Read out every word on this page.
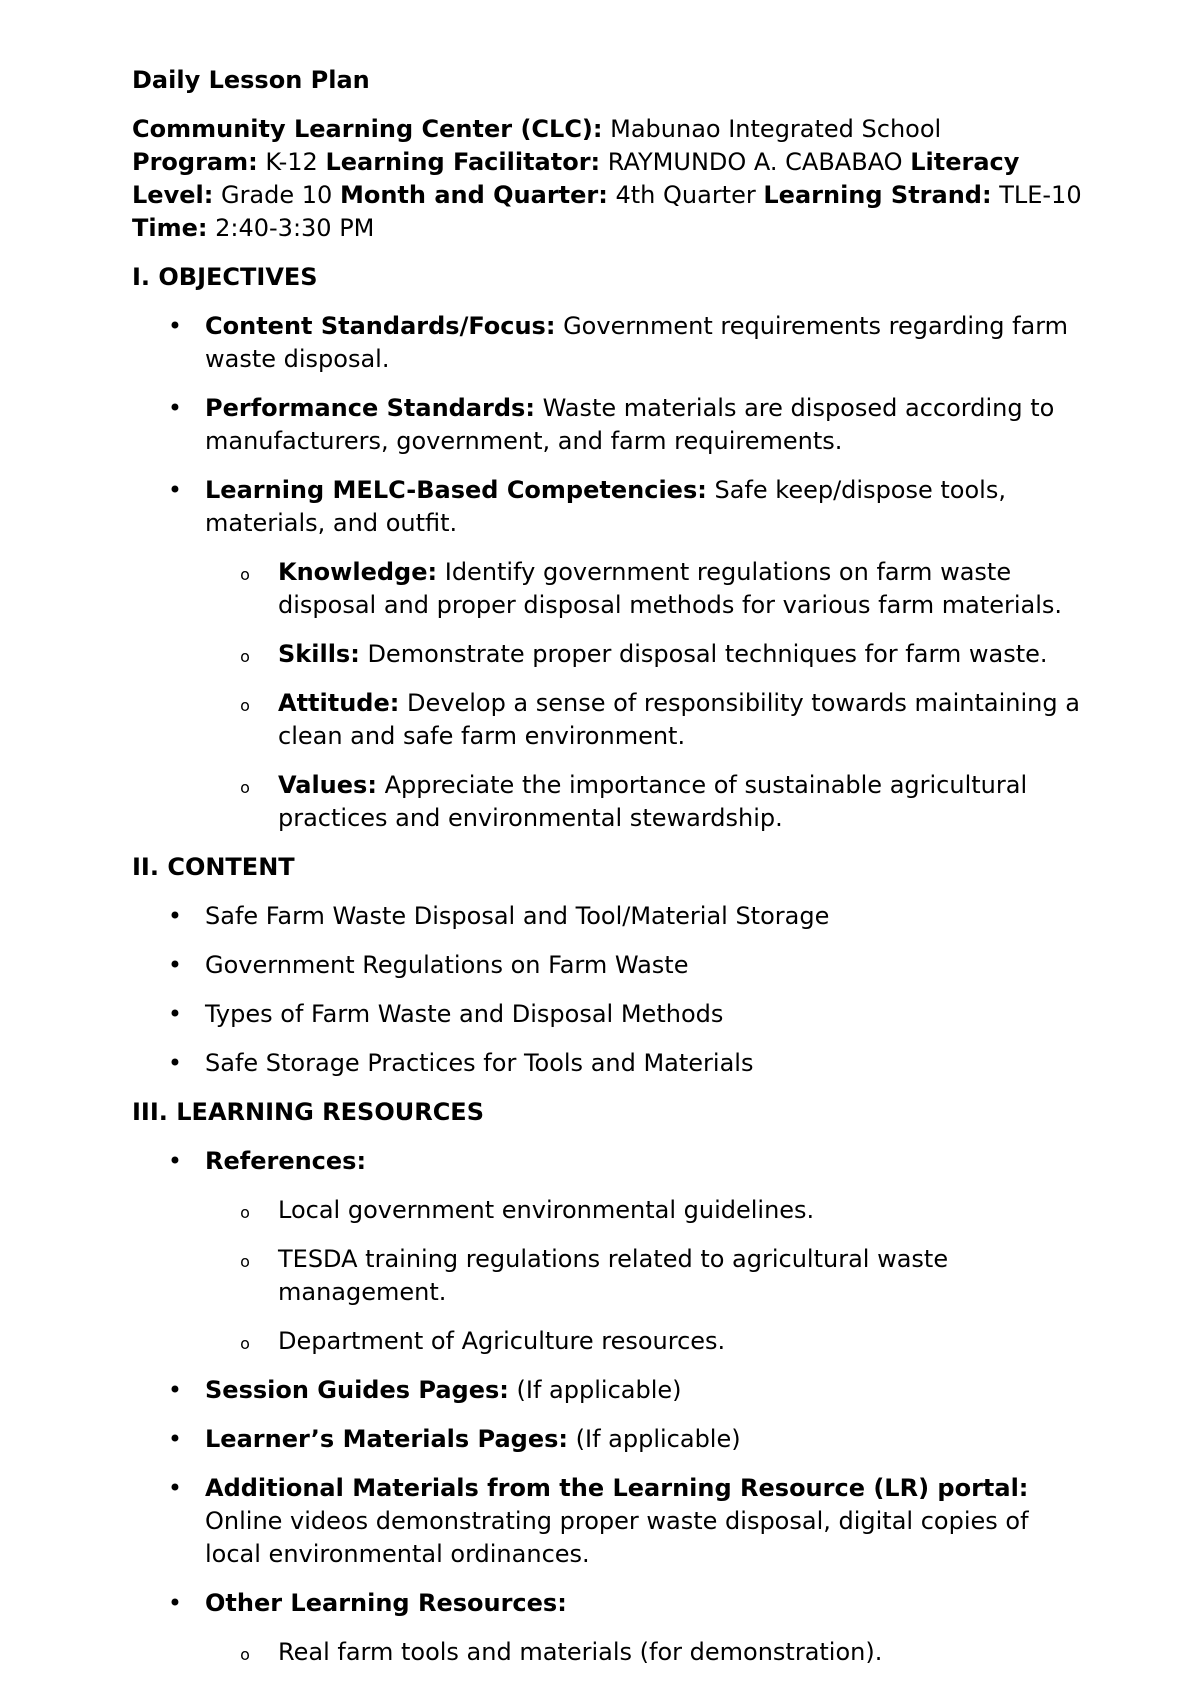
Daily Lesson Plan
Community Learning Center (CLC): Mabunao Integrated School
Program: K-12 Learning Facilitator: RAYMUNDO A. CABABAO Literacy Level: Grade 10 Month and Quarter: 4th Quarter Learning Strand: TLE-10 Time: 2:40-3:30 PM
I. OBJECTIVES
• Content Standards/Focus: Government requirements regarding farm waste disposal.
• Performance Standards: Waste materials are disposed according to manufacturers, government, and farm requirements.
• Learning MELC-Based Competencies: Safe keep/dispose tools, materials, and outfit.
o Knowledge: Identify government regulations on farm waste disposal and proper disposal methods for various farm materials.
o Skills: Demonstrate proper disposal techniques for farm waste.
o Attitude: Develop a sense of responsibility towards maintaining a clean and safe farm environment.
o Values: Appreciate the importance of sustainable agricultural practices and environmental stewardship.
II. CONTENT
• Safe Farm Waste Disposal and Tool/Material Storage
• Government Regulations on Farm Waste
• Types of Farm Waste and Disposal Methods
• Safe Storage Practices for Tools and Materials
III. LEARNING RESOURCES
• References:
o Local government environmental guidelines.
o TESDA training regulations related to agricultural waste management.
o Department of Agriculture resources.
• Session Guides Pages: (If applicable)
• Learner’s Materials Pages: (If applicable)
• Additional Materials from the Learning Resource (LR) portal: Online videos demonstrating proper waste disposal, digital copies of local environmental ordinances.
• Other Learning Resources:
o Real farm tools and materials (for demonstration).
